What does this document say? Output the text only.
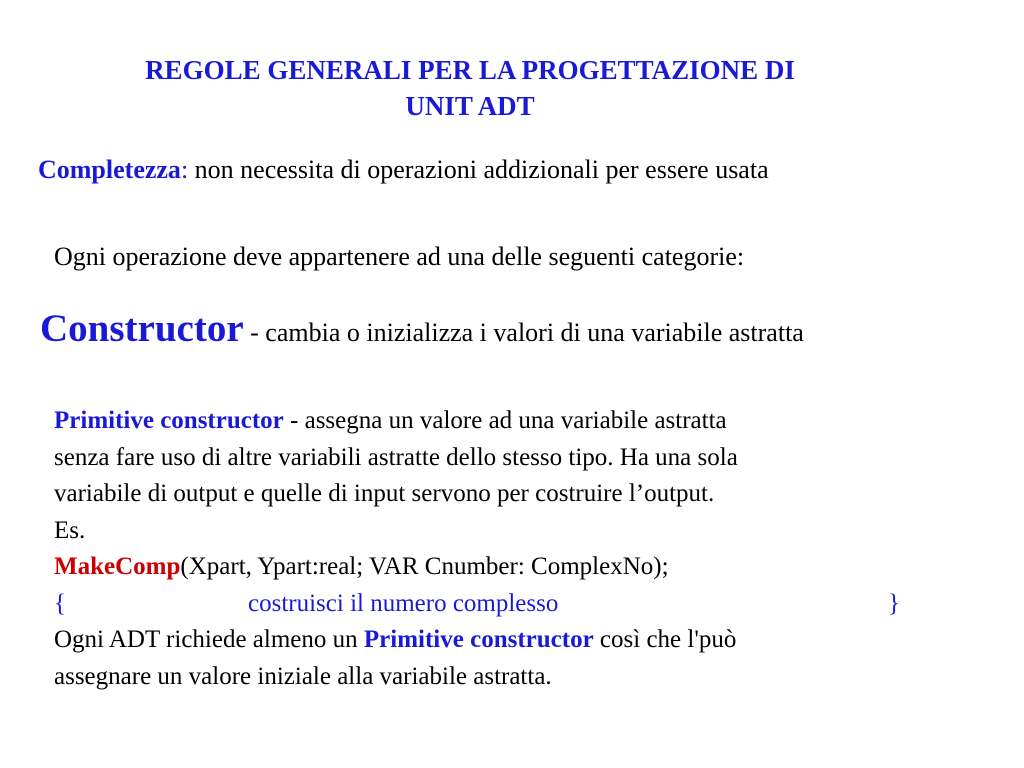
REGOLE GENERALI PER LA PROGETTAZIONE DI
UNIT ADT
Completezza: non necessita di operazioni addizionali per essere usata
Ogni operazione deve appartenere ad una delle seguenti categorie:
Constructor - cambia o inizializza i valori di una variabile astratta
Primitive constructor - assegna un valore ad una variabile astratta
senza fare uso di altre variabili astratte dello stesso tipo. Ha una sola
variabile di output e quelle di input servono per costruire l’output.
Es.
MakeComp(Xpart, Ypart:real; VAR Cnumber: ComplexNo);
{	costruisci il numero complesso	}
Ogni ADT richiede almeno un Primitive constructor così che l'può
assegnare un valore iniziale alla variabile astratta.
